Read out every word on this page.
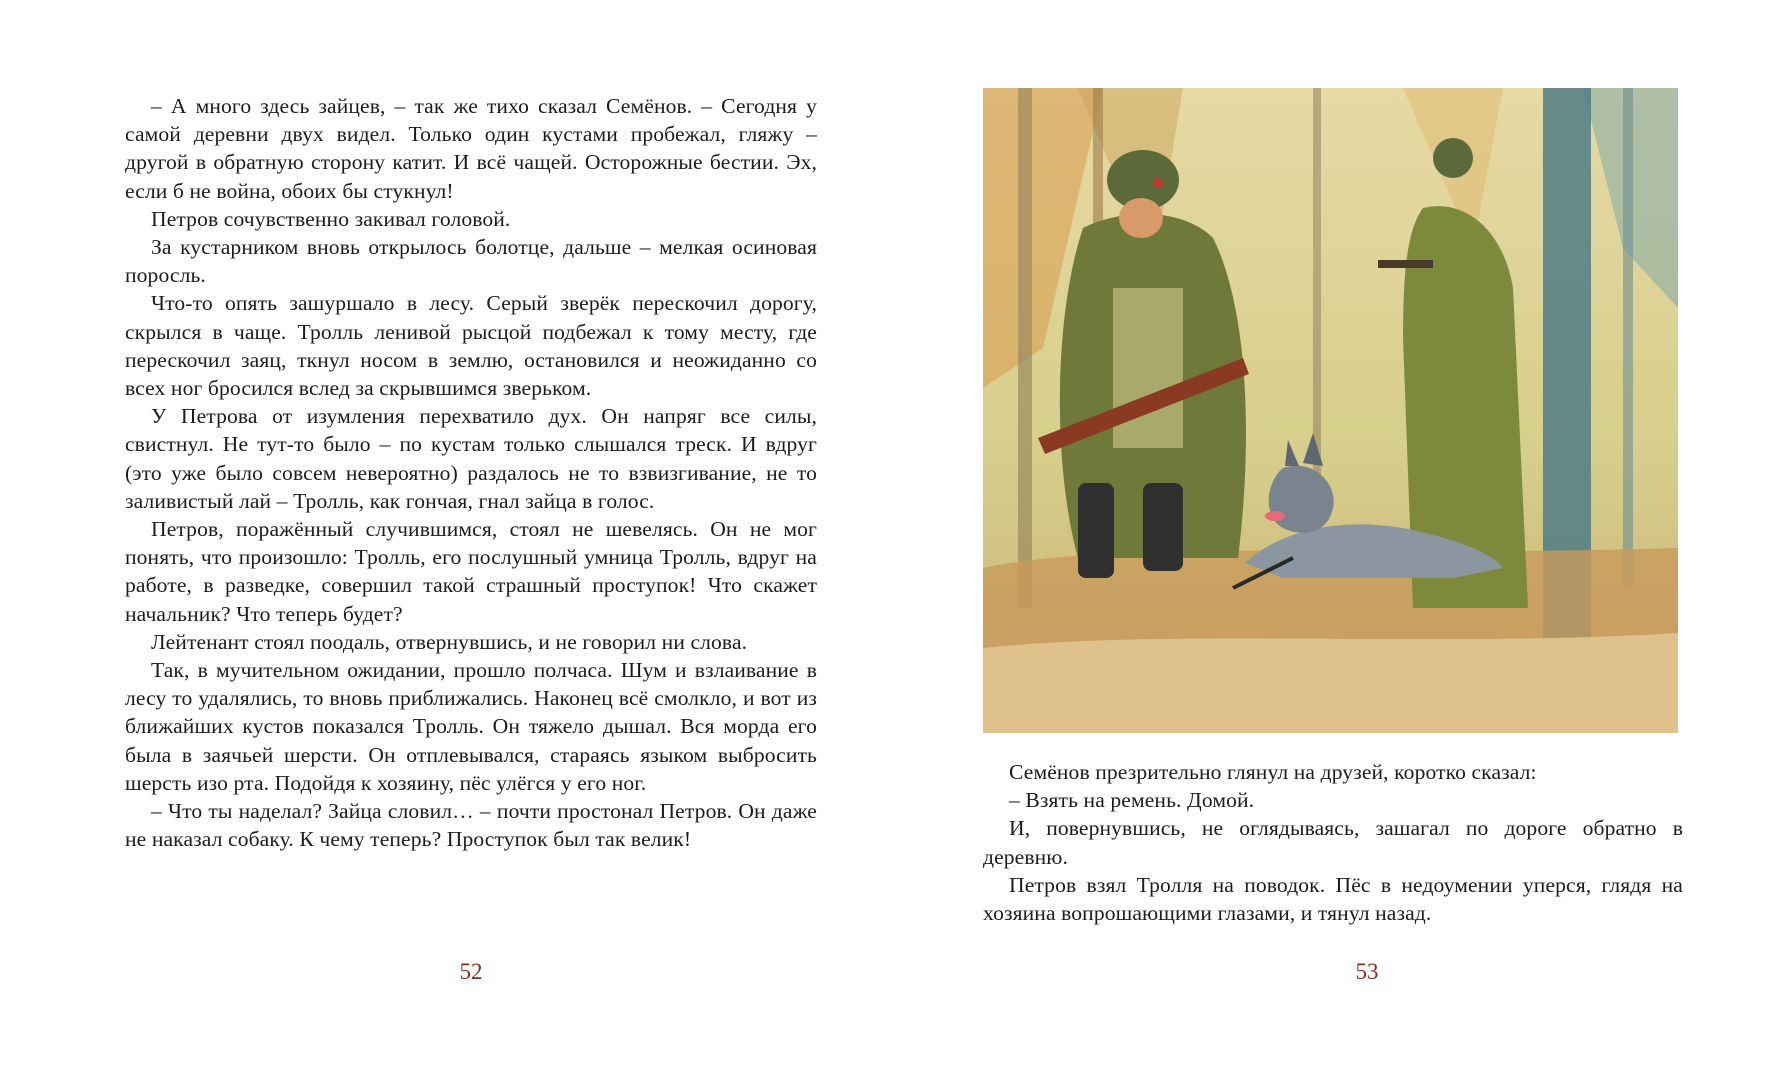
– А много здесь зайцев, – так же тихо сказал Семёнов. – Сегодня у самой деревни двух видел. Только один кустами пробежал, гляжу – другой в обратную сторону катит. И всё чащей. Осторожные бестии. Эх, если б не война, обоих бы стукнул!

Петров сочувственно закивал головой.

За кустарником вновь открылось болотце, дальше – мелкая осиновая поросль.

Что-то опять зашуршало в лесу. Серый зверёк перескочил дорогу, скрылся в чаще. Тролль ленивой рысцой подбежал к тому месту, где перескочил заяц, ткнул носом в землю, остановился и неожиданно со всех ног бросился вслед за скрывшимся зверьком.

У Петрова от изумления перехватило дух. Он напряг все силы, свистнул. Не тут-то было – по кустам только слышался треск. И вдруг (это уже было совсем невероятно) раздалось не то взвизгивание, не то заливистый лай – Тролль, как гончая, гнал зайца в голос.

Петров, поражённый случившимся, стоял не шевелясь. Он не мог понять, что произошло: Тролль, его послушный умница Тролль, вдруг на работе, в разведке, совершил такой страшный проступок! Что скажет начальник? Что теперь будет?

Лейтенант стоял поодаль, отвернувшись, и не говорил ни слова.

Так, в мучительном ожидании, прошло полчаса. Шум и взлаивание в лесу то удалялись, то вновь приближались. Наконец всё смолкло, и вот из ближайших кустов показался Тролль. Он тяжело дышал. Вся морда его была в заячьей шерсти. Он отплевывался, стараясь языком выбросить шерсть изо рта. Подойдя к хозяину, пёс улёгся у его ног.

– Что ты наделал? Зайца словил… – почти простонал Петров. Он даже не наказал собаку. К чему теперь? Проступок был так велик!

52

Семёнов презрительно глянул на друзей, коротко сказал:

– Взять на ремень. Домой.

И, повернувшись, не оглядываясь, зашагал по дороге обратно в деревню.

Петров взял Тролля на поводок. Пёс в недоумении уперся, глядя на хозяина вопрошающими глазами, и тянул назад.

53
